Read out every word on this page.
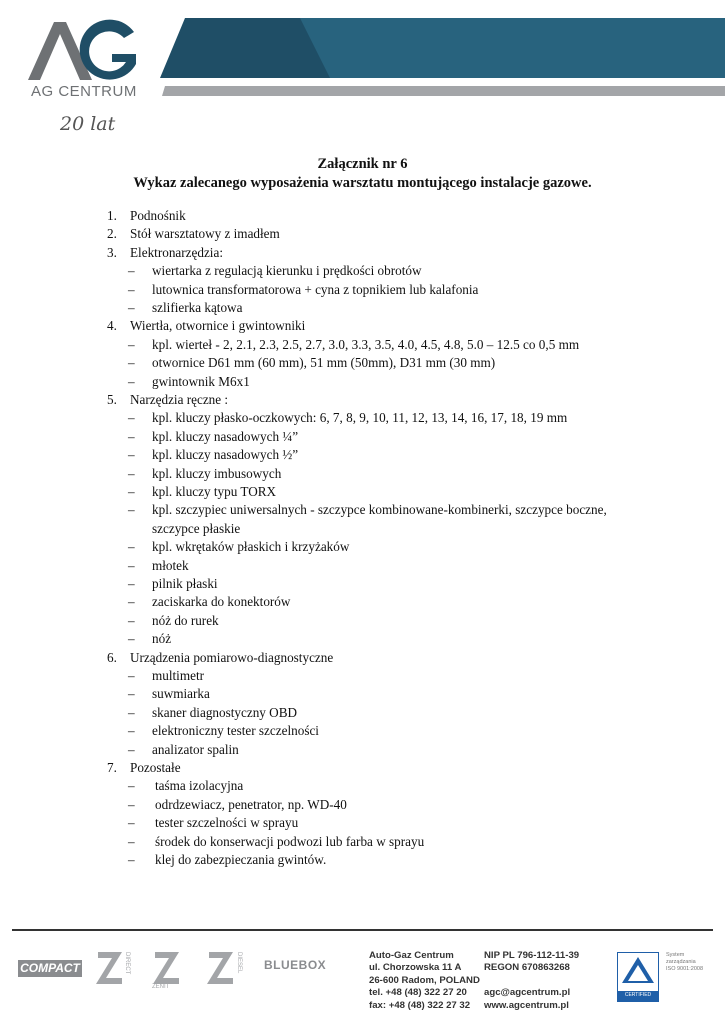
AG CENTRUM
20 lat
Załącznik nr 6
Wykaz zalecanego wyposażenia warsztatu montującego instalacje gazowe.
1. Podnośnik
2. Stół warsztatowy z imadłem
3. Elektronarzędzia:
– wiertarka z regulacją kierunku i prędkości obrotów
– lutownica transformatorowa + cyna z topnikiem lub kalafonia
– szlifierka kątowa
4. Wiertła, otwornice i gwintowniki
– kpl. wierteł - 2, 2.1, 2.3, 2.5, 2.7, 3.0, 3.3, 3.5, 4.0, 4.5, 4.8, 5.0 – 12.5 co 0,5 mm
– otwornice D61 mm (60 mm), 51 mm (50mm), D31 mm (30 mm)
– gwintownik M6x1
5. Narzędzia ręczne :
– kpl. kluczy płasko-oczkowych: 6, 7, 8, 9, 10, 11, 12, 13, 14, 16, 17, 18, 19 mm
– kpl. kluczy nasadowych ¼”
– kpl. kluczy nasadowych ½”
– kpl. kluczy imbusowych
– kpl. kluczy typu TORX
– kpl. szczypiec uniwersalnych - szczypce kombinowane-kombinerki, szczypce boczne,
szczypce płaskie
– kpl. wkrętaków płaskich i krzyżaków
– młotek
– pilnik płaski
– zaciskarka do konektorów
– nóż do rurek
– nóż
6. Urządzenia pomiarowo-diagnostyczne
– multimetr
– suwmiarka
– skaner diagnostyczny OBD
– elektroniczny tester szczelności
– analizator spalin
7. Pozostałe
– taśma izolacyjna
– odrdzewiacz, penetrator, np. WD-40
– tester szczelności w sprayu
– środek do konserwacji podwozi lub farba w sprayu
– klej do zabezpieczania gwintów.
COMPACT	DIRECT
ZENIT
DIESEL BLUEBOX
Auto-Gaz Centrum
ul. Chorzowska 11 A
26-600 Radom, POLAND
tel. +48 (48) 322 27 20
fax: +48 (48) 322 27 32
NIP PL 796-112-11-39
REGON 670863268
agc@agcentrum.pl
www.agcentrum.pl
CERTIFIED
System
zarządzania
ISO 9001:2008
